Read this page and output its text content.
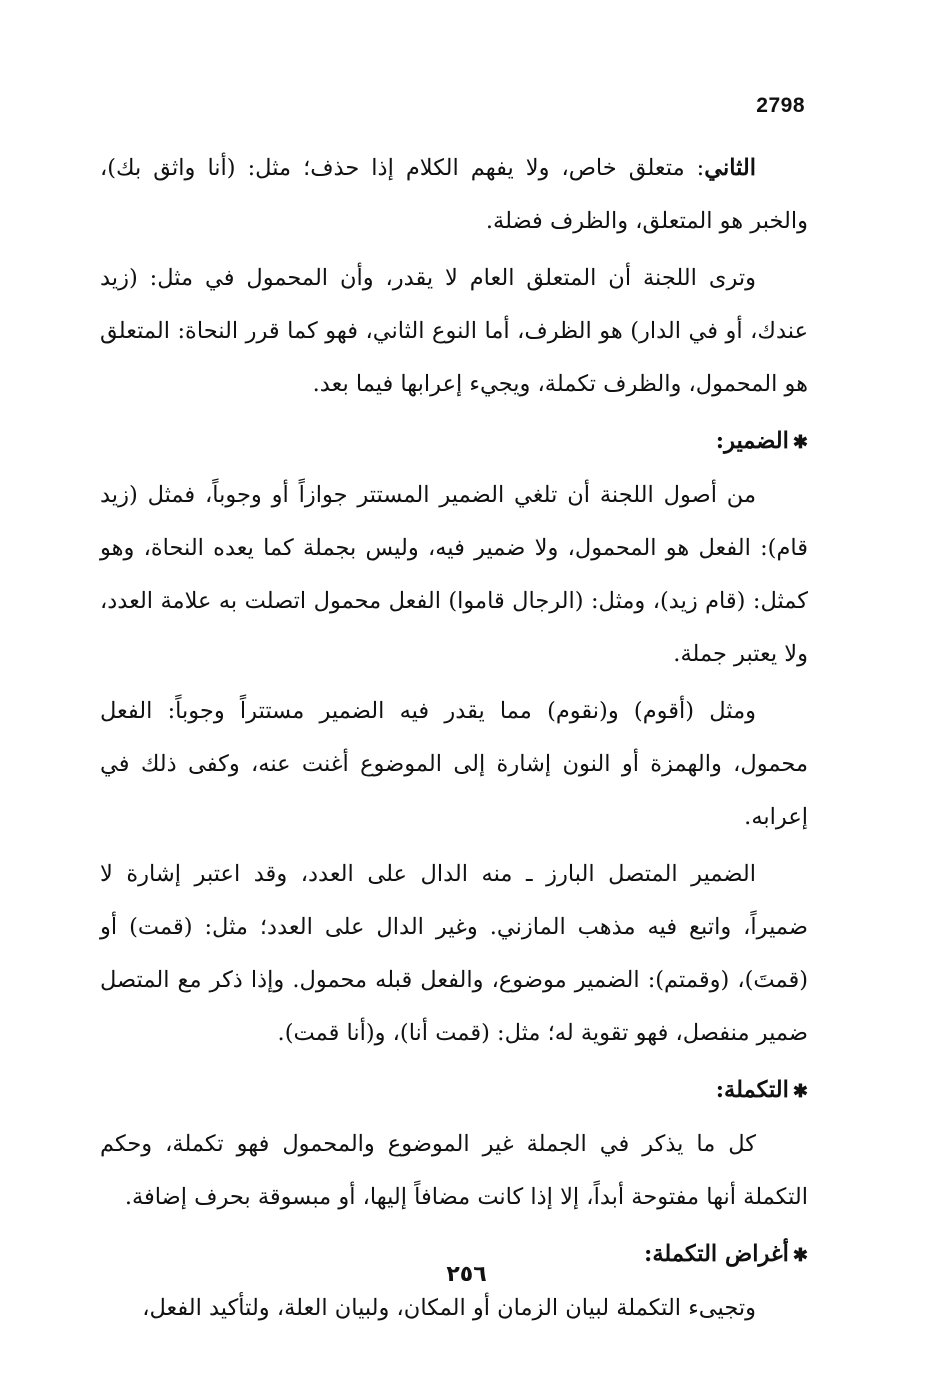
2798

الثاني: متعلق خاص، ولا يفهم الكلام إذا حذف؛ مثل: (أنا واثق بك)، والخبر هو المتعلق، والظرف فضلة.

وترى اللجنة أن المتعلق العام لا يقدر، وأن المحمول في مثل: (زيد عندك، أو في الدار) هو الظرف، أما النوع الثاني، فهو كما قرر النحاة: المتعلق هو المحمول، والظرف تكملة، ويجيء إعرابها فيما بعد.

✱الضمير:

من أصول اللجنة أن تلغي الضمير المستتر جوازاً أو وجوباً، فمثل (زيد قام): الفعل هو المحمول، ولا ضمير فيه، وليس بجملة كما يعده النحاة، وهو كمثل: (قام زيد)، ومثل: (الرجال قاموا) الفعل محمول اتصلت به علامة العدد، ولا يعتبر جملة.

ومثل (أقوم) و(نقوم) مما يقدر فيه الضمير مستتراً وجوباً: الفعل محمول، والهمزة أو النون إشارة إلى الموضوع أغنت عنه، وكفى ذلك في إعرابه.

الضمير المتصل البارز ـ منه الدال على العدد، وقد اعتبر إشارة لا ضميراً، واتبع فيه مذهب المازني. وغير الدال على العدد؛ مثل: (قمت) أو (قمتَ)، (وقمتم): الضمير موضوع، والفعل قبله محمول. وإذا ذكر مع المتصل ضمير منفصل، فهو تقوية له؛ مثل: (قمت أنا)، و(أنا قمت).

✱التكملة:

كل ما يذكر في الجملة غير الموضوع والمحمول فهو تكملة، وحكم التكملة أنها مفتوحة أبداً، إلا إذا كانت مضافاً إليها، أو مبسوقة بحرف إضافة.

✱أغراض التكملة:

وتجيىء التكملة لبيان الزمان أو المكان، ولبيان العلة، ولتأكيد الفعل،

٢٥٦
